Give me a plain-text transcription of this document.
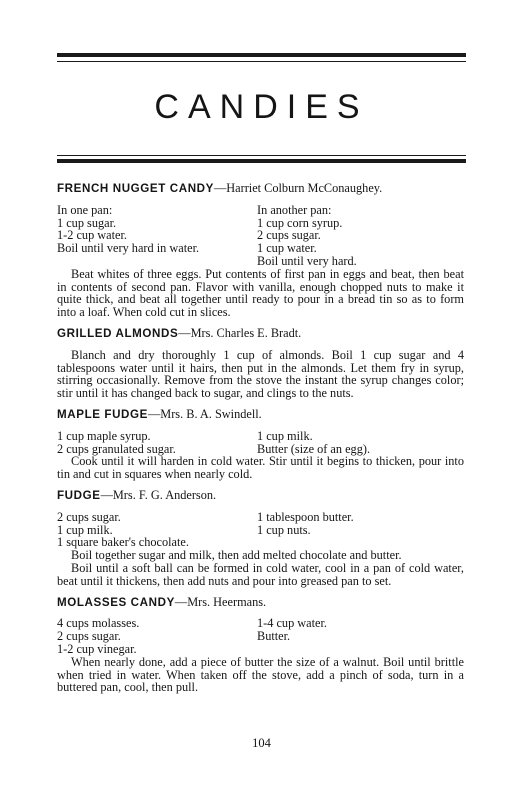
CANDIES
FRENCH NUGGET CANDY—Harriet Colburn McConaughey.
In one pan:
1 cup sugar.
1-2 cup water.
Boil until very hard in water.
In another pan:
1 cup corn syrup.
2 cups sugar.
1 cup water.
Boil until very hard.
Beat whites of three eggs. Put contents of first pan in eggs and beat, then beat in contents of second pan. Flavor with vanilla, enough chopped nuts to make it quite thick, and beat all together until ready to pour in a bread tin so as to form into a loaf. When cold cut in slices.
GRILLED ALMONDS—Mrs. Charles E. Bradt.
Blanch and dry thoroughly 1 cup of almonds. Boil 1 cup sugar and 4 tablespoons water until it hairs, then put in the almonds. Let them fry in syrup, stirring occasionally. Remove from the stove the instant the syrup changes color; stir until it has changed back to sugar, and clings to the nuts.
MAPLE FUDGE—Mrs. B. A. Swindell.
1 cup maple syrup.
2 cups granulated sugar.
1 cup milk.
Butter (size of an egg).
Cook until it will harden in cold water. Stir until it begins to thicken, pour into tin and cut in squares when nearly cold.
FUDGE—Mrs. F. G. Anderson.
2 cups sugar.
1 cup milk.
1 tablespoon butter.
1 cup nuts.
1 square baker's chocolate.
Boil together sugar and milk, then add melted chocolate and butter.
Boil until a soft ball can be formed in cold water, cool in a pan of cold water, beat until it thickens, then add nuts and pour into greased pan to set.
MOLASSES CANDY—Mrs. Heermans.
4 cups molasses.
2 cups sugar.
1-4 cup water.
Butter.
1-2 cup vinegar.
When nearly done, add a piece of butter the size of a walnut. Boil until brittle when tried in water. When taken off the stove, add a pinch of soda, turn in a buttered pan, cool, then pull.
104
